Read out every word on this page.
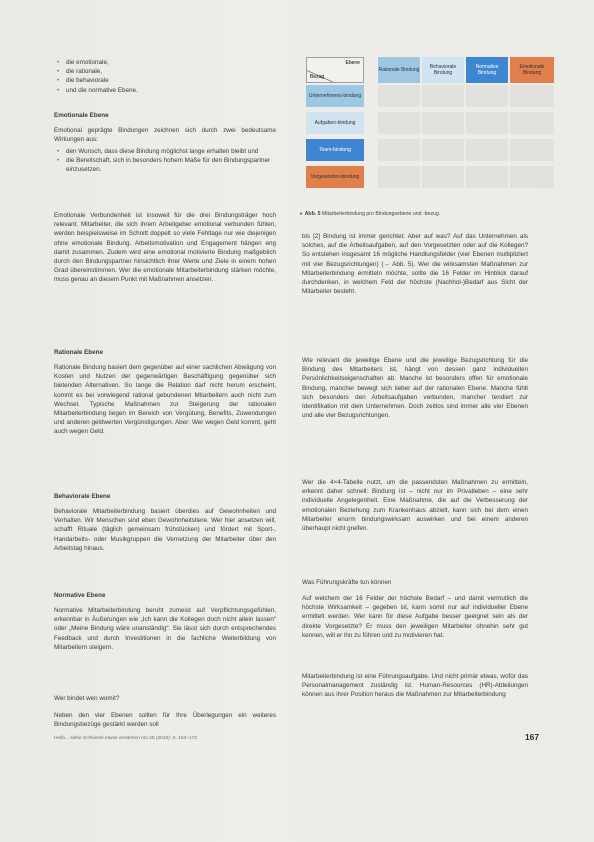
• die emotionale,
• die rationale,
• die behaviorale
• und die normative Ebene.
Emotionale Ebene

Emotional geprägte Bindungen zeichnen sich durch zwei bedeutsame Wirkungen aus:

• den Wunsch, dass diese Bindung möglichst lange erhalten bleibt und
• die Bereitschaft, sich in besonders hohem Maße für den Bindungspartner einzusetzen.

Emotionale Verbundenheit ist insoweit für die drei Bindungsträger hoch relevant. Mitarbeiter, die sich ihrem Arbeitgeber emotional verbunden fühlen, werden beispielsweise im Schnitt doppelt so viele Fehltage nur wie diejenigen ohne emotionale Bindung. Arbeitsmotivation und Engagement hängen eng damit zusammen. Zudem wird eine emotional motivierte Bindung maßgeblich durch den Bindungspartner hinsichtlich ihrer Werte und Ziele in einem hohen Grad übereinstimmen. Wer die emotionale Mitarbeiterbindung stärken möchte, muss genau an diesem Punkt mit Maßnahmen ansetzen.

Rationale Ebene

Rationale Bindung basiert dem gegenüber auf einer sachlichen Abwägung von Kosten und Nutzen der gegenwärtigen Beschäftigung gegenüber sich bietenden Alternativen. So lange die Relation darf nicht herum erscheint, kommt es bei vorwiegend rational gebundenen Mitarbeitern auch nicht zum Wechsel. Typische Maßnahmen zur Steigerung der rationalen Mitarbeiterbindung liegen im Bereich von Vergütung, Benefits, Zuwendungen und anderen geldwerten Vergünstigungen. Aber: Wer wegen Geld kommt, geht auch wegen Geld.

Behaviorale Ebene

Behaviorale Mitarbeiterbindung basiert überdies auf Gewohnheiten und Verhalten. Wir Menschen sind eben Gewohnheitstiere. Wer hier ansetzen will, schafft Rituale (täglich gemeinsam frühstücken) und fördert mit Sport-, Handarbeits- oder Musikgruppen die Vernetzung der Mitarbeiter über den Arbeitstag hinaus.

Normative Ebene

Normative Mitarbeiterbindung beruht zumeist auf Verpflichtungsgefühlen, erkennbar in Äußerungen wie „Ich kann die Kollegen doch nicht allein lassen“ oder „Meine Bindung wäre unanständig“. Sie lässt sich durch entsprechendes Feedback und durch Investitionen in die fachliche Weiterbildung von Mitarbeitern steigern.

Wer bindet wen womit?

Neben den vier Ebenen sollten für Ihre Überlegungen ein weiteres Bindungsbezüge gestärkt werden soll

Ebene
Bezug
Rationale Bindung	Behaviorale Bindung
Normative Bindung
Emotionale Bindung
Unternehmens-bindung
Aufgaben-bindung
Team-bindung
Vorgesetzten-bindung
▸ Abb. 5 Mitarbeiterbindung pro Bindungsebene und -bezug.

bis [2] Bindung ist immer gerichtet: Aber auf was? Auf das Unternehmen als solches, auf die Arbeitsaufgaben, auf den Vorgesetzten oder auf die Kollegen? So entstehen insgesamt 16 mögliche Handlungsfelder (vier Ebenen multipliziert mit vier Bezugsrichtungen) (→ Abb. 5). Wer die wirksamsten Maßnahmen zur Mitarbeiterbindung ermitteln möchte, sollte die 16 Felder im Hinblick darauf durchdenken, in welchem Feld der höchste (Nachhol-)Bedarf aus Sicht der Mitarbeiter besteht.

Wie relevant die jeweilige Ebene und die jeweilige Bezugsrichtung für die Bindung des Mitarbeiters ist, hängt von dessen ganz individuellen Persönlichkeitseigenschaften ab: Manche ist besonders offen für emotionale Bindung, mancher bewegt sich lieber auf der rationalen Ebene. Manche fühlt sich besonders den Arbeitsaufgaben verbunden, mancher tendiert zur Identifikation mit dem Unternehmen. Doch zeitlos sind immer alle vier Ebenen und alle vier Bezugsrichtungen.

Wer die 4×4-Tabelle nutzt, um die passendsten Maßnahmen zu ermitteln, erkennt daher schnell: Bindung ist – nicht nur im Privatleben – eine sehr individuelle Angelegenheit. Eine Maßnahme, die auf die Verbesserung der emotionalen Beziehung zum Krankenhaus abzielt, kann sich bei dem einen Mitarbeiter enorm bindungswirksam auswirken und bei einem anderen überhaupt nicht greifen.

Was Führungskräfte tun können

Auf welchem der 16 Felder der höchste Bedarf – und damit vermutlich die höchste Wirksamkeit – gegeben ist, kann somit nur auf individueller Ebene ermittelt werden. Wer kann für diese Aufgabe besser geeignet sein als der direkte Vorgesetzte? Er muss den jeweiligen Mitarbeiter ohnehin sehr gut kennen, will er ihn zu führen und zu motivieren hat.

Mitarbeiterbindung ist eine Führungsaufgabe. Und nicht primär etwas, wofür das Personalmanagement zuständig ist. Human-Resources (HR)-Abteilungen können aus ihrer Position heraus die Maßnahmen zur Mitarbeiterbindung

Heilb... siehe Schlussel etwas verstehen hm 28 (2019): S. 163–173	167
